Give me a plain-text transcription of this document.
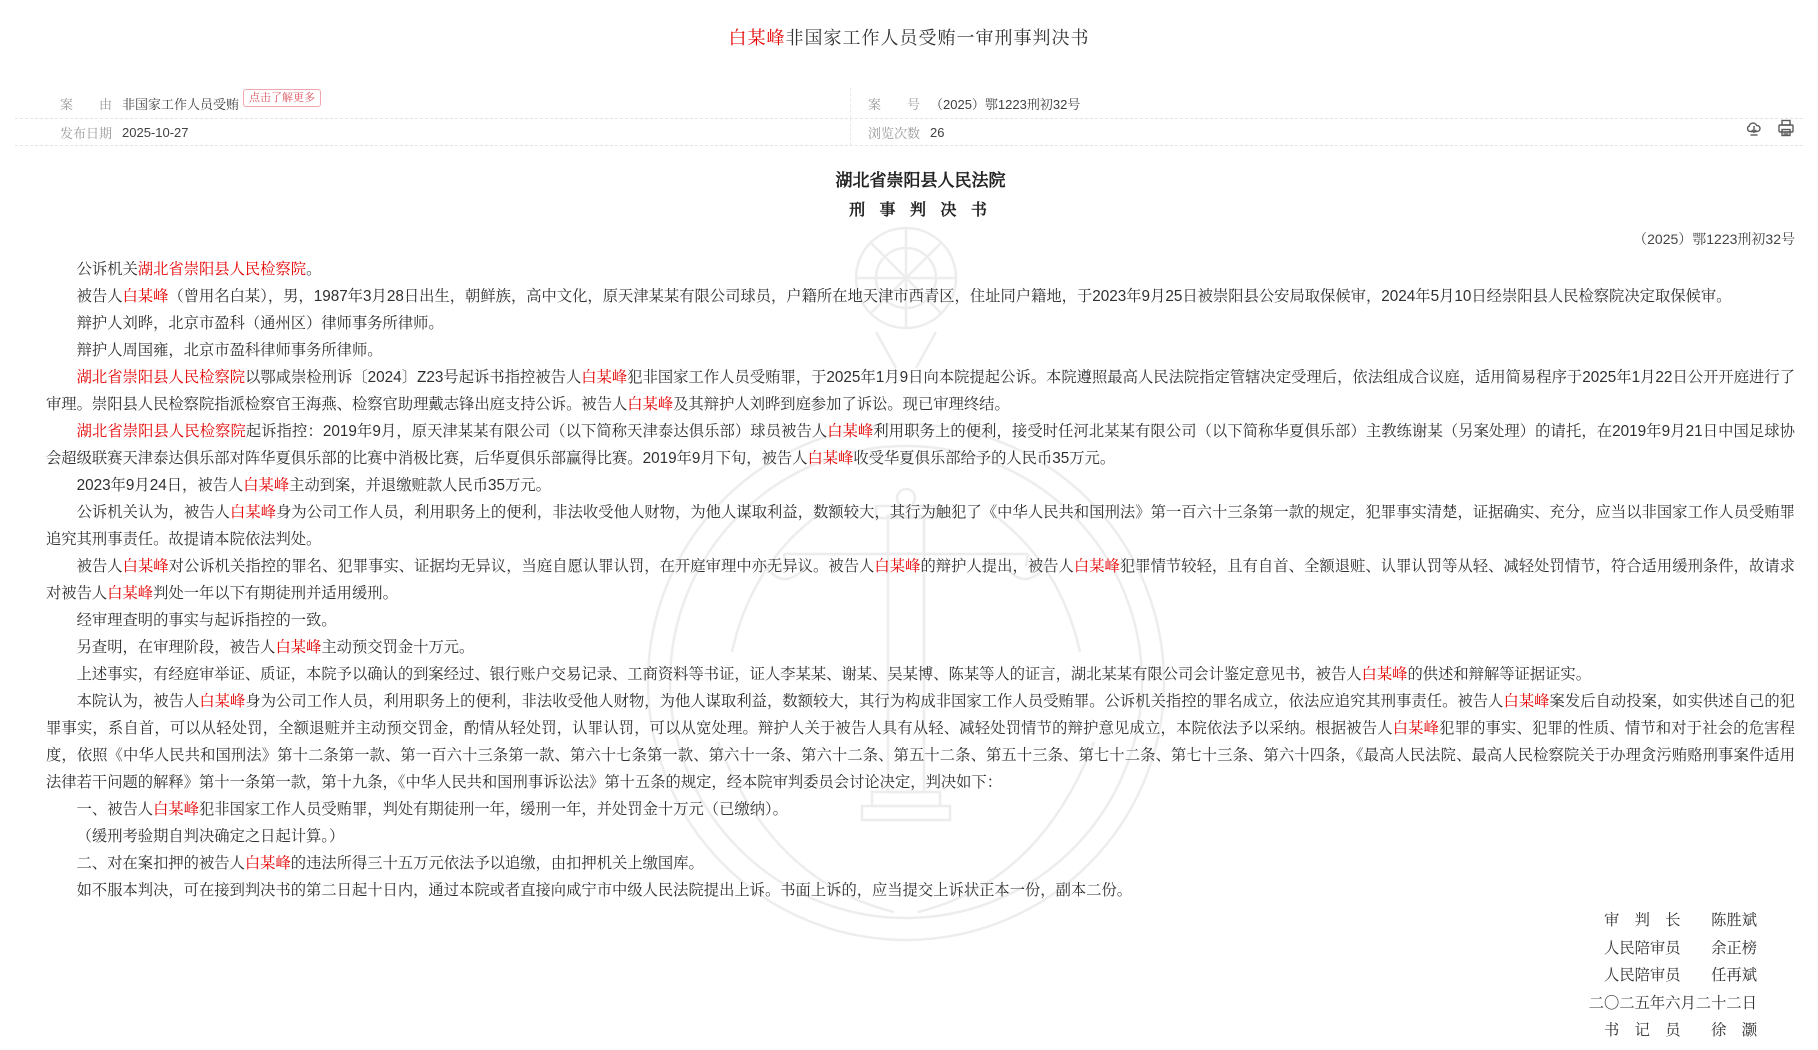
白某峰非国家工作人员受贿一审刑事判决书
案　　由 非国家工作人员受贿 点击了解更多	案　　号 （2025）鄂1223刑初32号
发布日期 2025-10-27	浏览次数 26
湖北省崇阳县人民法院
刑 事 判 决 书
（2025）鄂1223刑初32号

公诉机关湖北省崇阳县人民检察院。

被告人白某峰（曾用名白某），男，1987年3月28日出生，朝鲜族，高中文化，原天津某某有限公司球员，户籍所在地天津市西青区，住址同户籍地，于2023年9月25日被崇阳县公安局取保候审，2024年5月10日经崇阳县人民检察院决定取保候审。

辩护人刘晔，北京市盈科（通州区）律师事务所律师。

辩护人周国雍，北京市盈科律师事务所律师。

湖北省崇阳县人民检察院以鄂咸崇检刑诉〔2024〕Z23号起诉书指控被告人白某峰犯非国家工作人员受贿罪，于2025年1月9日向本院提起公诉。本院遵照最高人民法院指定管辖决定受理后，依法组成合议庭，适用简易程序于2025年1月22日公开开庭进行了审理。崇阳县人民检察院指派检察官王海燕、检察官助理戴志锋出庭支持公诉。被告人白某峰及其辩护人刘晔到庭参加了诉讼。现已审理终结。

湖北省崇阳县人民检察院起诉指控：2019年9月，原天津某某有限公司（以下简称天津泰达俱乐部）球员被告人白某峰利用职务上的便利，接受时任河北某某有限公司（以下简称华夏俱乐部）主教练谢某（另案处理）的请托，在2019年9月21日中国足球协会超级联赛天津泰达俱乐部对阵华夏俱乐部的比赛中消极比赛，后华夏俱乐部赢得比赛。2019年9月下旬，被告人白某峰收受华夏俱乐部给予的人民币35万元。

2023年9月24日，被告人白某峰主动到案，并退缴赃款人民币35万元。

公诉机关认为，被告人白某峰身为公司工作人员，利用职务上的便利，非法收受他人财物，为他人谋取利益，数额较大，其行为触犯了《中华人民共和国刑法》第一百六十三条第一款的规定，犯罪事实清楚，证据确实、充分，应当以非国家工作人员受贿罪追究其刑事责任。故提请本院依法判处。

被告人白某峰对公诉机关指控的罪名、犯罪事实、证据均无异议，当庭自愿认罪认罚，在开庭审理中亦无异议。被告人白某峰的辩护人提出，被告人白某峰犯罪情节较轻，且有自首、全额退赃、认罪认罚等从轻、减轻处罚情节，符合适用缓刑条件，故请求对被告人白某峰判处一年以下有期徒刑并适用缓刑。

经审理查明的事实与起诉指控的一致。

另查明，在审理阶段，被告人白某峰主动预交罚金十万元。

上述事实，有经庭审举证、质证，本院予以确认的到案经过、银行账户交易记录、工商资料等书证，证人李某某、谢某、吴某博、陈某等人的证言，湖北某某有限公司会计鉴定意见书，被告人白某峰的供述和辩解等证据证实。

本院认为，被告人白某峰身为公司工作人员，利用职务上的便利，非法收受他人财物，为他人谋取利益，数额较大，其行为构成非国家工作人员受贿罪。公诉机关指控的罪名成立，依法应追究其刑事责任。被告人白某峰案发后自动投案，如实供述自己的犯罪事实，系自首，可以从轻处罚，全额退赃并主动预交罚金，酌情从轻处罚，认罪认罚，可以从宽处理。辩护人关于被告人具有从轻、减轻处罚情节的辩护意见成立，本院依法予以采纳。根据被告人白某峰犯罪的事实、犯罪的性质、情节和对于社会的危害程度，依照《中华人民共和国刑法》第十二条第一款、第一百六十三条第一款、第六十七条第一款、第六十一条、第六十二条、第五十二条、第五十三条、第七十二条、第七十三条、第六十四条，《最高人民法院、最高人民检察院关于办理贪污贿赂刑事案件适用法律若干问题的解释》第十一条第一款，第十九条，《中华人民共和国刑事诉讼法》第十五条的规定，经本院审判委员会讨论决定，判决如下：

一、被告人白某峰犯非国家工作人员受贿罪，判处有期徒刑一年，缓刑一年，并处罚金十万元（已缴纳）。

（缓刑考验期自判决确定之日起计算。）

二、对在案扣押的被告人白某峰的违法所得三十五万元依法予以追缴，由扣押机关上缴国库。

如不服本判决，可在接到判决书的第二日起十日内，通过本院或者直接向咸宁市中级人民法院提出上诉。书面上诉的，应当提交上诉状正本一份，副本二份。

审　判　长　　陈胜斌
人民陪审员　　余正榜
人民陪审员　　任再斌
二〇二五年六月二十二日
书　记　员　　徐　灏
